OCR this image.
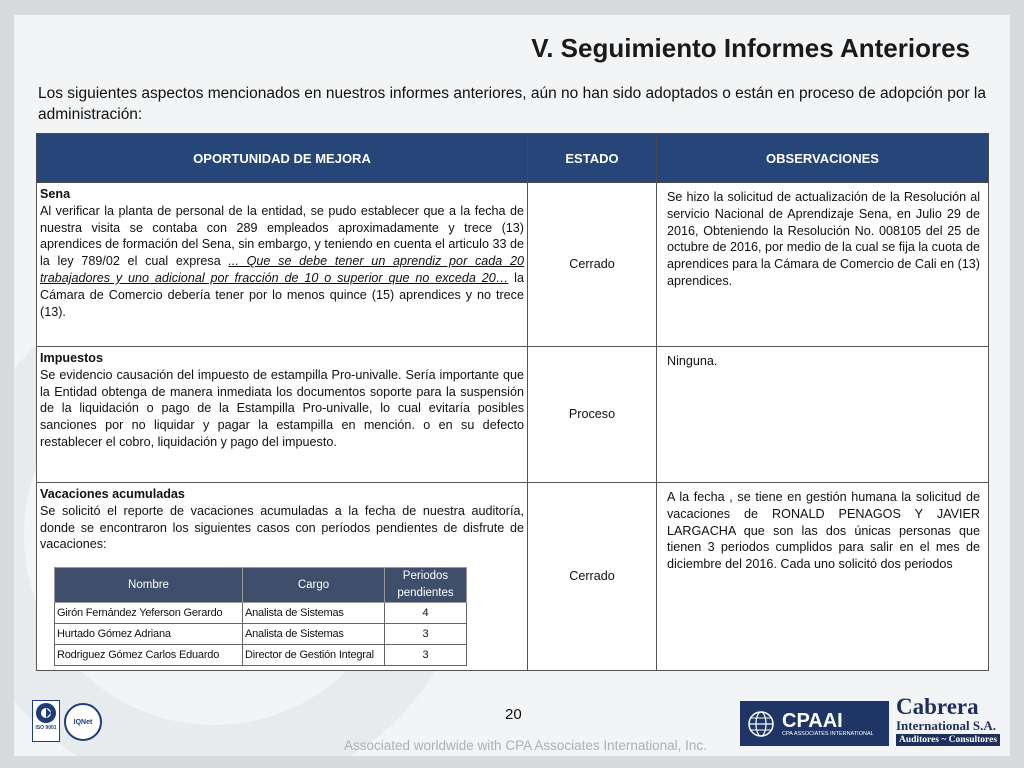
V. Seguimiento Informes Anteriores
Los siguientes aspectos mencionados en nuestros informes anteriores, aún no han sido adoptados o están en proceso de adopción por la administración:
OPORTUNIDAD DE MEJORA	ESTADO	OBSERVACIONES

Sena
Al verificar la planta de personal de la entidad, se pudo establecer que a la fecha de nuestra visita se contaba con 289 empleados aproximadamente y trece (13) aprendices de formación del Sena, sin embargo, y teniendo en cuenta el articulo 33 de la ley 789/02 el cual expresa ... Que se debe tener un aprendiz por cada 20 trabajadores y uno adicional por fracción de 10 o superior que no exceda 20… la Cámara de Comercio debería tener por lo menos quince (15) aprendices y no trece (13).	Cerrado	Se hizo la solicitud de actualización de la Resolución al servicio Nacional de Aprendizaje Sena, en Julio 29 de 2016, Obteniendo la Resolución No. 008105 del 25 de octubre de 2016, por medio de la cual se fija la cuota de aprendices para la Cámara de Comercio de Cali en (13) aprendices.

Impuestos
Se evidencio causación del impuesto de estampilla Pro-univalle. Sería importante que la Entidad obtenga de manera inmediata los documentos soporte para la suspensión de la liquidación o pago de la Estampilla Pro-univalle, lo cual evitaría posibles sanciones por no liquidar y pagar la estampilla en mención. o en su defecto restablecer el cobro, liquidación y pago del impuesto.	Proceso	Ninguna.

Vacaciones acumuladas
Se solicitó el reporte de vacaciones acumuladas a la fecha de nuestra auditoría, donde se encontraron los siguientes casos con períodos pendientes de disfrute de vacaciones:
Nombre	Cargo	Periodos pendientes
Girón Fernández Yeferson Gerardo	Analista de Sistemas	4
Hurtado Gómez Adriana	Analista de Sistemas	3
Rodriguez Gómez Carlos Eduardo	Director de Gestión Integral	3
	Cerrado	A la fecha , se tiene en gestión humana la solicitud de vacaciones de RONALD PENAGOS Y JAVIER LARGACHA que son las dos únicas personas que tienen 3 periodos cumplidos para salir en el mes de diciembre del 2016. Cada uno solicitó dos periodos
20
Associated worldwide with CPA Associates International, Inc.
ISO 9001
IQNet	CPAAI
CPA ASSOCIATES INTERNATIONAL
Cabrera
International S.A.
Auditores ~ Consultores
